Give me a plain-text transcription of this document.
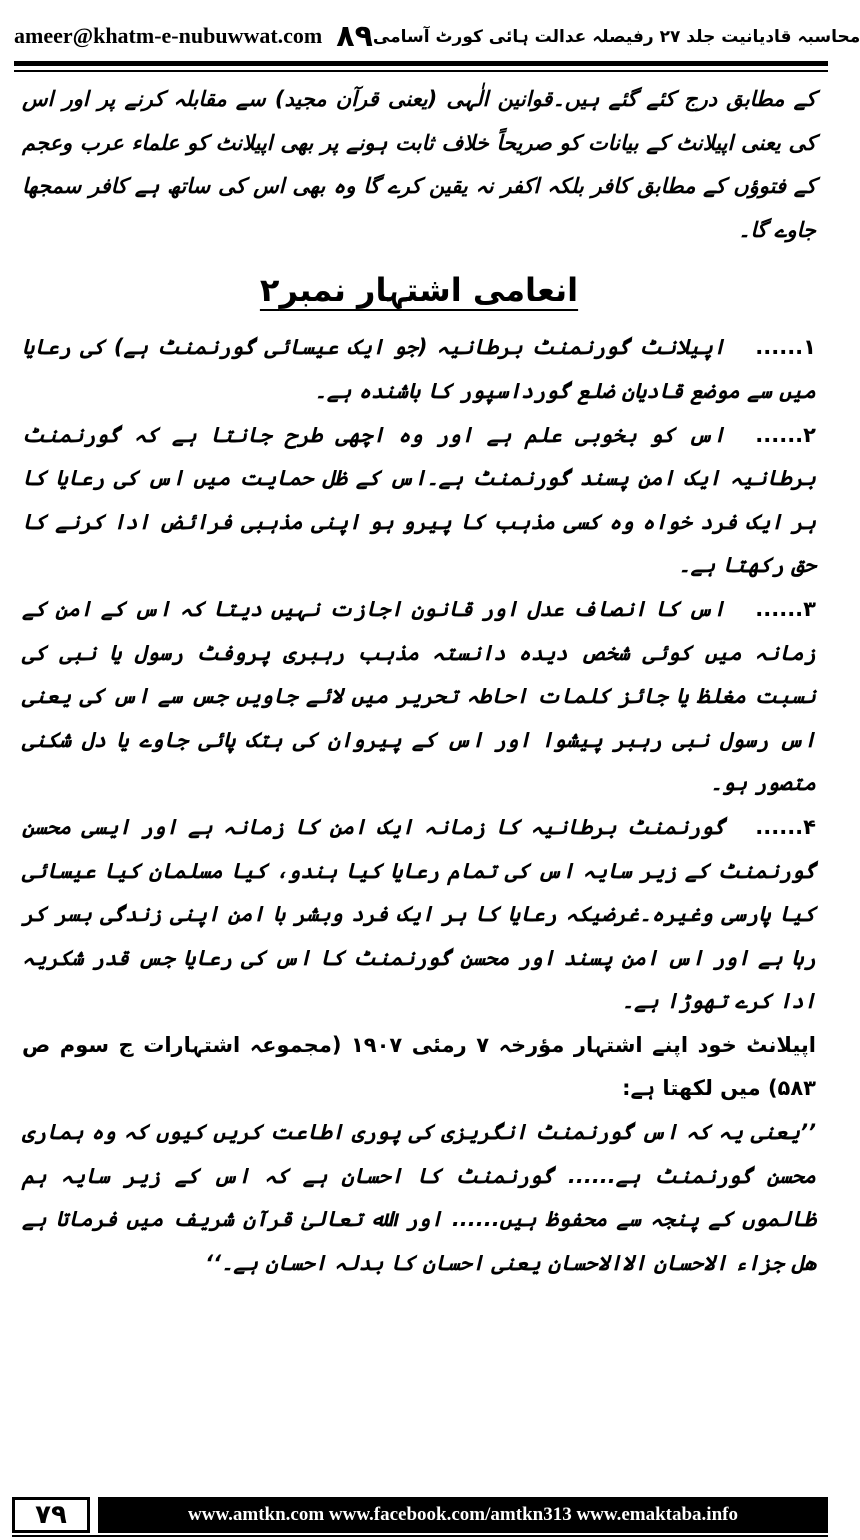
ameer@khatm-e-nubuwwat.com ۸۹ محاسبہ قادیانیت جلد ۲۷ رفیصلہ عدالت ہائی کورٹ آسامی

کے مطابق درج کئے گئے ہیں۔قوانین الٰہی (یعنی قرآن مجید) سے مقابلہ کرنے پر اور اس کی یعنی اپیلانٹ کے بیانات کو صریحاً خلاف ثابت ہونے پر بھی اپیلانٹ کو علماء عرب وعجم کے فتوؤں کے مطابق کافر بلکہ اکفر نہ یقین کرے گا وہ بھی اس کی ساتھ ہے کافر سمجھا جاوے گا۔

انعامی اشتہار نمبر۲

۱......اپیلانٹ گورنمنٹ برطانیہ (جو ایک عیسائی گورنمنٹ ہے) کی رعایا میں سے موضع قادیان ضلع گورداسپور کا باشندہ ہے۔

۲......اس کو بخوبی علم ہے اور وہ اچھی طرح جانتا ہے کہ گورنمنٹ برطانیہ ایک امن پسند گورنمنٹ ہے۔اس کے ظل حمایت میں اس کی رعایا کا ہر ایک فرد خواہ وہ کسی مذہب کا پیرو ہو اپنی مذہبی فرائض ادا کرنے کا حق رکھتا ہے۔

۳......اس کا انصاف عدل اور قانون اجازت نہیں دیتا کہ اس کے امن کے زمانہ میں کوئی شخص دیدہ دانستہ مذہب رہبری پروفٹ رسول یا نبی کی نسبت مغلظ یا جائز کلمات احاطہ تحریر میں لائے جاویں جس سے اس کی یعنی اس رسول نبی رہبر پیشوا اور اس کے پیروان کی ہتک پائی جاوے یا دل شکنی متصور ہو۔

۴......گورنمنٹ برطانیہ کا زمانہ ایک امن کا زمانہ ہے اور ایسی محسن گورنمنٹ کے زیر سایہ اس کی تمام رعایا کیا ہندو، کیا مسلمان کیا عیسائی کیا پارسی وغیرہ۔غرضیکہ رعایا کا ہر ایک فرد وبشر با امن اپنی زندگی بسر کر رہا ہے اور اس امن پسند اور محسن گورنمنٹ کا اس کی رعایا جس قدر شکریہ ادا کرے تھوڑا ہے۔

اپیلانٹ خود اپنے اشتہار مؤرخہ ۷ رمئی ۱۹۰۷ (مجموعہ اشتہارات ج سوم ص ۵۸۳) میں لکھتا ہے:

’’یعنی یہ کہ اس گورنمنٹ انگریزی کی پوری اطاعت کریں کیوں کہ وہ ہماری محسن گورنمنٹ ہے...... گورنمنٹ کا احسان ہے کہ اس کے زیر سایہ ہم ظالموں کے پنجہ سے محفوظ ہیں...... اور اﷲ تعالیٰ قرآن شریف میں فرماتا ہے ھل جزاء الاحسان الاالاحسان یعنی احسان کا بدلہ احسان ہے۔‘‘

۷۹	www.amtkn.com www.facebook.com/amtkn313 www.emaktaba.info
